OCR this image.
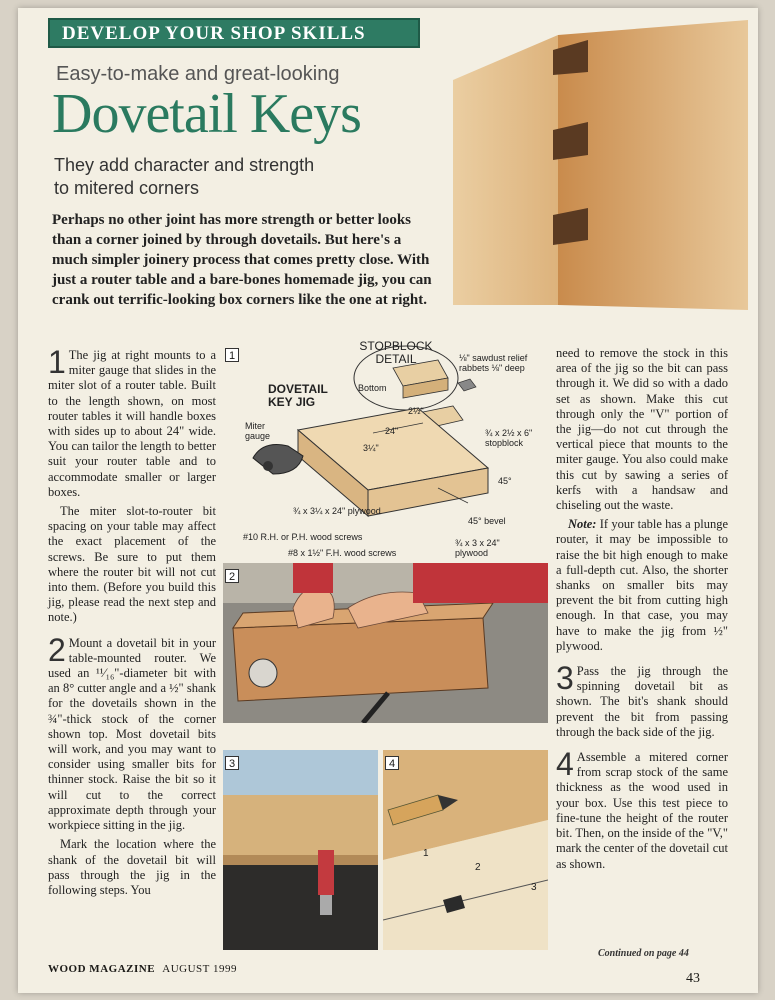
DEVELOP YOUR SHOP SKILLS
Easy-to-make and great-looking
Dovetail Keys
They add character and strength
to mitered corners
Perhaps no other joint has more strength or better looks than a corner joined by through dovetails. But here's a much simpler joinery process that comes pretty close. With just a router table and a bare-bones homemade jig, you can crank out terrific-looking box corners like the one at right.

1 The jig at right mounts to a miter gauge that slides in the miter slot of a router table. Built to the length shown, on most router tables it will handle boxes with sides up to about 24" wide. You can tailor the length to better suit your router table and to accommodate smaller or larger boxes.

The miter slot-to-router bit spacing on your table may affect the exact placement of the screws. Be sure to put them where the router bit will not cut into them. (Before you build this jig, please read the next step and note.)

2 Mount a dovetail bit in your table-mounted router. We used an ¹¹⁄₁₆"-diameter bit with an 8° cutter angle and a ½" shank for the dovetails shown in the ¾"-thick stock of the corner shown top. Most dovetail bits will work, and you may want to consider using smaller bits for thinner stock. Raise the bit so it will cut to the correct approximate depth through your workpiece sitting in the jig.

Mark the location where the shank of the dovetail bit will pass through the jig in the following steps. You

1
STOPBLOCK DETAIL
DOVETAIL KEY JIG
⅛" sawdust relief rabbets ⅛" deep
Bottom
2½"
¾ x 2½ x 6" stopblock
Miter gauge	24"
3¼"
45°
¾ x 3¼ x 24" plywood
45° bevel
#10 R.H. or P.H. wood screws
#8 x 1½" F.H. wood screws
¾ x 3 x 24" plywood
2
3	4
1
2
3

need to remove the stock in this area of the jig so the bit can pass through it. We did so with a dado set as shown. Make this cut through only the "V" portion of the jig—do not cut through the vertical piece that mounts to the miter gauge. You also could make this cut by sawing a series of kerfs with a handsaw and chiseling out the waste.

Note: If your table has a plunge router, it may be impossible to raise the bit high enough to make a full-depth cut. Also, the shorter shanks on smaller bits may prevent the bit from cutting high enough. In that case, you may have to make the jig from ½" plywood.

3 Pass the jig through the spinning dovetail bit as shown. The bit's shank should prevent the bit from passing through the back side of the jig.

4 Assemble a mitered corner from scrap stock of the same thickness as the wood used in your box. Use this test piece to fine-tune the height of the router bit. Then, on the inside of the "V," mark the center of the dovetail cut as shown.

Continued on page 44
WOOD MAGAZINE AUGUST 1999
43
